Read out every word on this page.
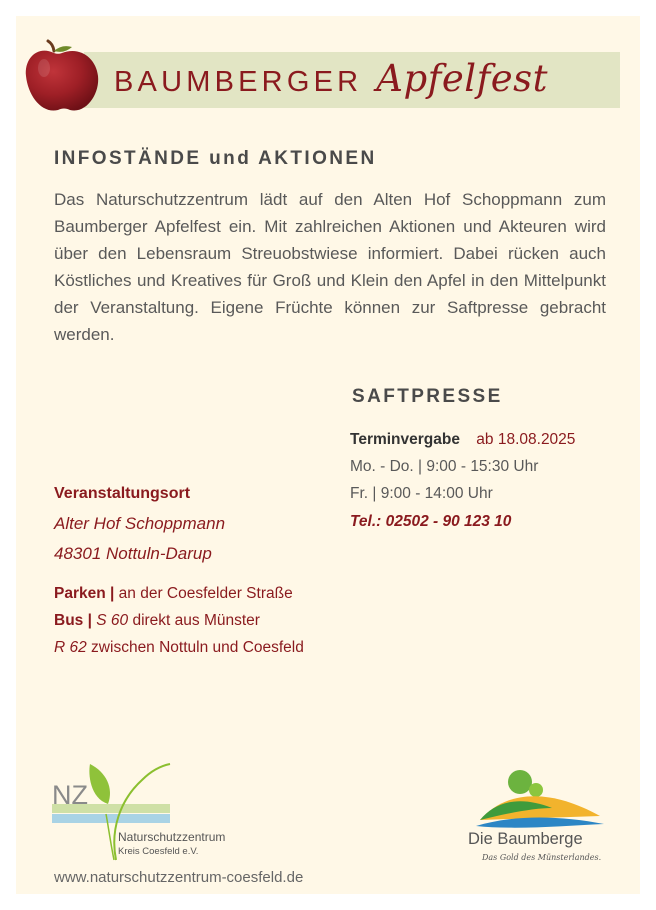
BAUMBERGER Apfelfest
INFOSTÄNDE und AKTIONEN

Das Naturschutzzentrum lädt auf den Alten Hof Schoppmann zum Baumberger Apfelfest ein. Mit zahlreichen Aktionen und Akteuren wird über den Lebensraum Streuobstwiese informiert. Dabei rücken auch Köstliches und Kreatives für Groß und Klein den Apfel in den Mittelpunkt der Veranstaltung. Eigene Früchte können zur Saftpresse gebracht werden.

SAFTPRESSE
Terminvergabe ab 18.08.2025
Mo. - Do. | 9:00 - 15:30 Uhr
Fr. | 9:00 - 14:00 Uhr
Tel.: 02502 - 90 123 10
Veranstaltungsort
Alter Hof Schoppmann
48301 Nottuln-Darup
Parken | an der Coesfelder Straße
Bus | S 60 direkt aus Münster
R 62 zwischen Nottuln und Coesfeld
NZ
Naturschutzzentrum
Kreis Coesfeld e.V.
Die Baumberge
Das Gold des Münsterlandes.
www.naturschutzzentrum-coesfeld.de
